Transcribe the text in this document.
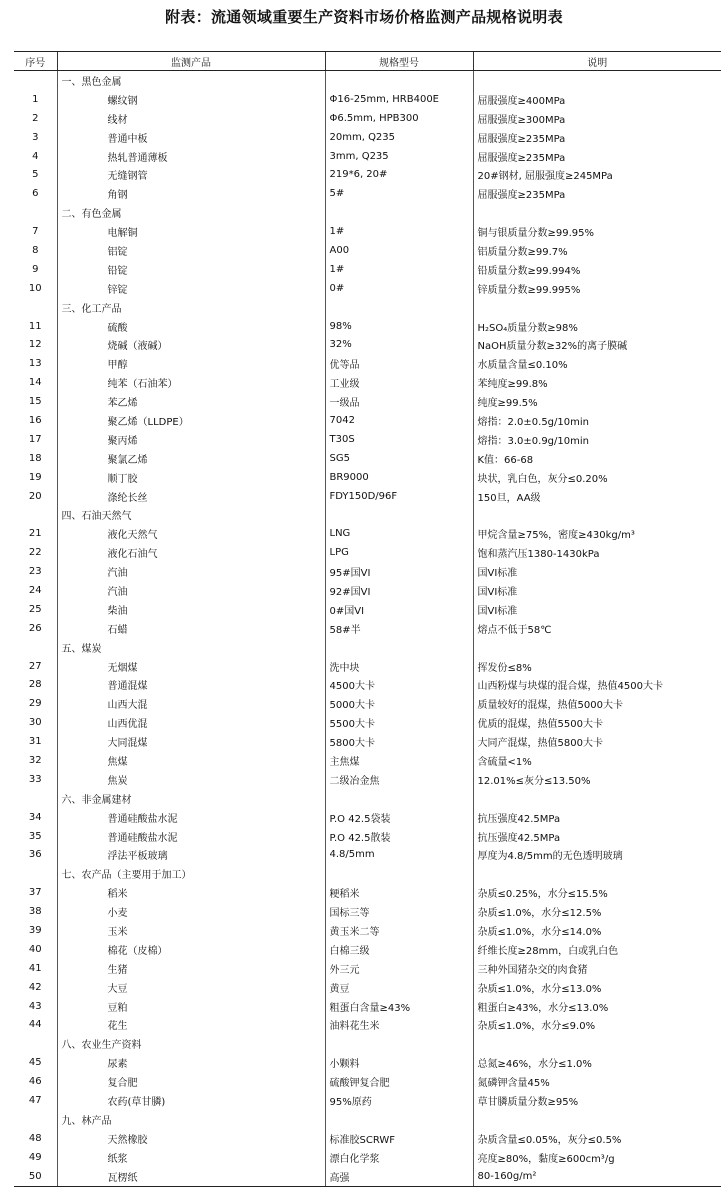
附表：流通领域重要生产资料市场价格监测产品规格说明表
序号	监测产品	规格型号	说明
	一、黑色金属		
1	螺纹钢	Φ16-25mm, HRB400E	屈服强度≥400MPa
2	线材	Φ6.5mm, HPB300	屈服强度≥300MPa
3	普通中板	20mm, Q235	屈服强度≥235MPa
4	热轧普通薄板	3mm, Q235	屈服强度≥235MPa
5	无缝钢管	219*6, 20#	20#钢材, 屈服强度≥245MPa
6	角钢	5#	屈服强度≥235MPa
	二、有色金属		
7	电解铜	1#	铜与银质量分数≥99.95%
8	铝锭	A00	铝质量分数≥99.7%
9	铅锭	1#	铅质量分数≥99.994%
10	锌锭	0#	锌质量分数≥99.995%
	三、化工产品		
11	硫酸	98%	H₂SO₄质量分数≥98%
12	烧碱（液碱）	32%	NaOH质量分数≥32%的离子膜碱
13	甲醇	优等品	水质量含量≤0.10%
14	纯苯（石油苯）	工业级	苯纯度≥99.8%
15	苯乙烯	一级品	纯度≥99.5%
16	聚乙烯（LLDPE）	7042	熔指：2.0±0.5g/10min
17	聚丙烯	T30S	熔指：3.0±0.9g/10min
18	聚氯乙烯	SG5	K值：66-68
19	顺丁胶	BR9000	块状，乳白色，灰分≤0.20%
20	涤纶长丝	FDY150D/96F	150旦，AA级
	四、石油天然气		
21	液化天然气	LNG	甲烷含量≥75%，密度≥430kg/m³
22	液化石油气	LPG	饱和蒸汽压1380-1430kPa
23	汽油	95#国VI	国VI标准
24	汽油	92#国VI	国VI标准
25	柴油	0#国VI	国VI标准
26	石蜡	58#半	熔点不低于58℃
	五、煤炭		
27	无烟煤	洗中块	挥发份≤8%
28	普通混煤	4500大卡	山西粉煤与块煤的混合煤，热值4500大卡
29	山西大混	5000大卡	质量较好的混煤，热值5000大卡
30	山西优混	5500大卡	优质的混煤，热值5500大卡
31	大同混煤	5800大卡	大同产混煤，热值5800大卡
32	焦煤	主焦煤	含硫量<1%
33	焦炭	二级冶金焦	12.01%≤灰分≤13.50%
	六、非金属建材		
34	普通硅酸盐水泥	P.O 42.5袋装	抗压强度42.5MPa
35	普通硅酸盐水泥	P.O 42.5散装	抗压强度42.5MPa
36	浮法平板玻璃	4.8/5mm	厚度为4.8/5mm的无色透明玻璃
	七、农产品（主要用于加工）		
37	稻米	粳稻米	杂质≤0.25%，水分≤15.5%
38	小麦	国标三等	杂质≤1.0%，水分≤12.5%
39	玉米	黄玉米二等	杂质≤1.0%，水分≤14.0%
40	棉花（皮棉）	白棉三级	纤维长度≥28mm，白或乳白色
41	生猪	外三元	三种外国猪杂交的肉食猪
42	大豆	黄豆	杂质≤1.0%，水分≤13.0%
43	豆粕	粗蛋白含量≥43%	粗蛋白≥43%，水分≤13.0%
44	花生	油料花生米	杂质≤1.0%，水分≤9.0%
	八、农业生产资料		
45	尿素	小颗料	总氮≥46%，水分≤1.0%
46	复合肥	硫酸钾复合肥	氮磷钾含量45%
47	农药(草甘膦)	95%原药	草甘膦质量分数≥95%
	九、林产品		
48	天然橡胶	标准胶SCRWF	杂质含量≤0.05%，灰分≤0.5%
49	纸浆	漂白化学浆	亮度≥80%，黏度≥600cm³/g
50	瓦楞纸	高强	80-160g/m²
